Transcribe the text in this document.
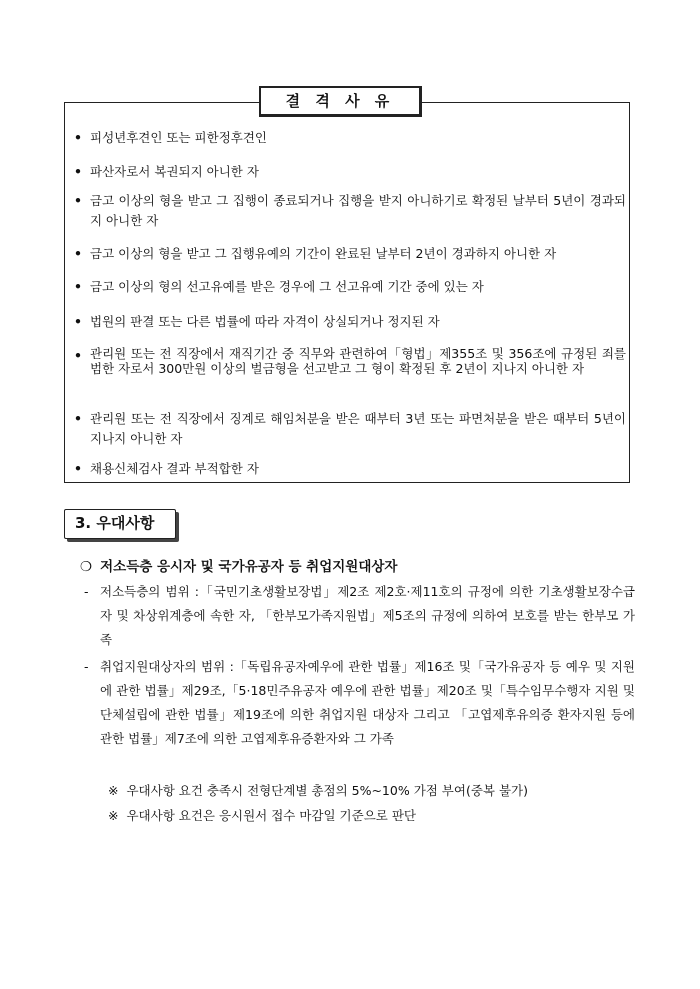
결 격 사 유
• 피성년후견인 또는 피한정후견인
• 파산자로서 복권되지 아니한 자
• 금고 이상의 형을 받고 그 집행이 종료되거나 집행을 받지 아니하기로 확정된 날부터 5년이 경과되지 아니한 자
• 금고 이상의 형을 받고 그 집행유예의 기간이 완료된 날부터 2년이 경과하지 아니한 자
• 금고 이상의 형의 선고유예를 받은 경우에 그 선고유예 기간 중에 있는 자
• 법원의 판결 또는 다른 법률에 따라 자격이 상실되거나 정지된 자
• 관리원 또는 전 직장에서 재직기간 중 직무와 관련하여「형법」제355조 및 356조에 규정된 죄를 범한 자로서 300만원 이상의 벌금형을 선고받고 그 형이 확정된 후 2년이 지나지 아니한 자
• 관리원 또는 전 직장에서 징계로 해임처분을 받은 때부터 3년 또는 파면처분을 받은 때부터 5년이 지나지 아니한 자
• 채용신체검사 결과 부적합한 자
3. 우대사항
❍ 저소득층 응시자 및 국가유공자 등 취업지원대상자
- 저소득층의 범위 :「국민기초생활보장법」제2조 제2호·제11호의 규정에 의한 기초생활보장수급자 및 차상위계층에 속한 자, 「한부모가족지원법」제5조의 규정에 의하여 보호를 받는 한부모 가족
- 취업지원대상자의 범위 :「독립유공자예우에 관한 법률」제16조 및「국가유공자 등 예우 및 지원에 관한 법률」제29조,「5·18민주유공자 예우에 관한 법률」제20조 및「특수임무수행자 지원 및 단체설립에 관한 법률」제19조에 의한 취업지원 대상자 그리고 「고엽제후유의증 환자지원 등에 관한 법률」제7조에 의한 고엽제후유증환자와 그 가족
※ 우대사항 요건 충족시 전형단계별 총점의 5%~10% 가점 부여(중복 불가)
※ 우대사항 요건은 응시원서 접수 마감일 기준으로 판단
